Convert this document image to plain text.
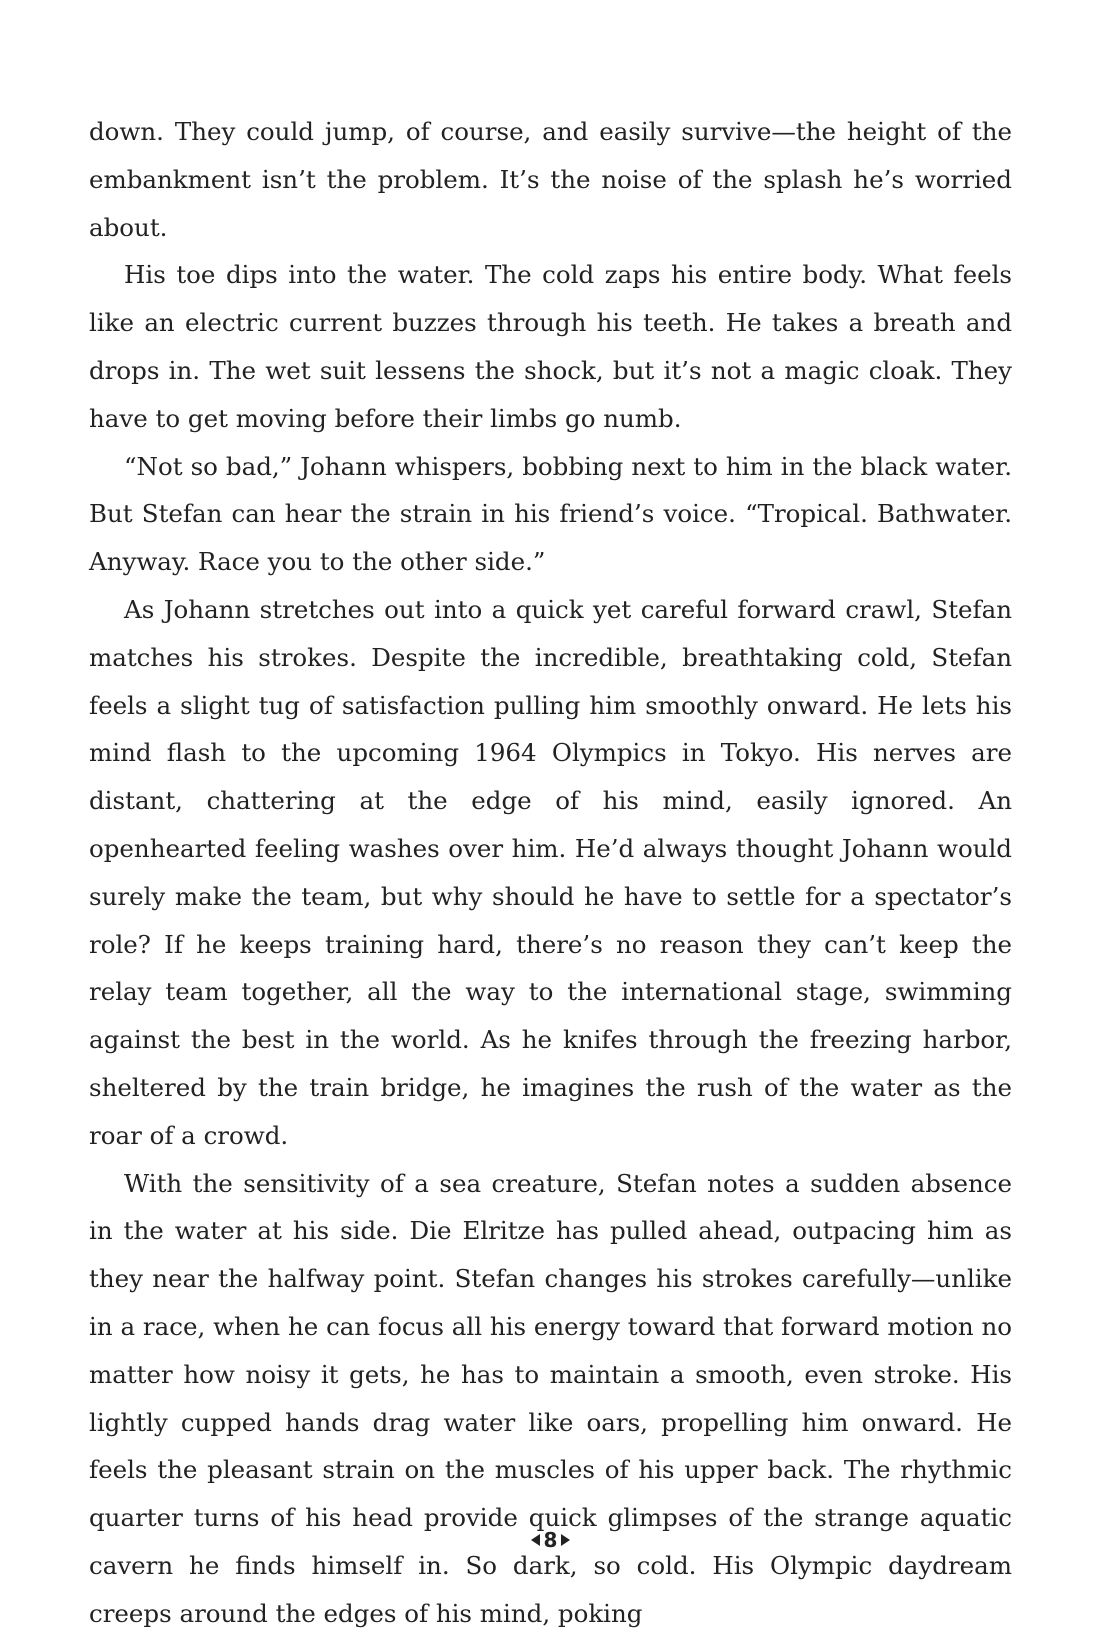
down. They could jump, of course, and easily survive—the height of the embankment isn’t the problem. It’s the noise of the splash he’s worried about.

His toe dips into the water. The cold zaps his entire body. What feels like an electric current buzzes through his teeth. He takes a breath and drops in. The wet suit lessens the shock, but it’s not a magic cloak. They have to get moving before their limbs go numb.

“Not so bad,” Johann whispers, bobbing next to him in the black water. But Stefan can hear the strain in his friend’s voice. “Tropical. Bathwater. Anyway. Race you to the other side.”

As Johann stretches out into a quick yet careful forward crawl, Stefan matches his strokes. Despite the incredible, breathtaking cold, Stefan feels a slight tug of satisfaction pulling him smoothly onward. He lets his mind flash to the upcoming 1964 Olympics in Tokyo. His nerves are distant, chattering at the edge of his mind, easily ignored. An openhearted feeling washes over him. He’d always thought Johann would surely make the team, but why should he have to settle for a spectator’s role? If he keeps training hard, there’s no reason they can’t keep the relay team together, all the way to the international stage, swimming against the best in the world. As he knifes through the freezing harbor, sheltered by the train bridge, he imagines the rush of the water as the roar of a crowd.

With the sensitivity of a sea creature, Stefan notes a sudden absence in the water at his side. Die Elritze has pulled ahead, outpacing him as they near the halfway point. Stefan changes his strokes carefully—unlike in a race, when he can focus all his energy toward that forward motion no matter how noisy it gets, he has to maintain a smooth, even stroke. His lightly cupped hands drag water like oars, propelling him onward. He feels the pleasant strain on the muscles of his upper back. The rhythmic quarter turns of his head provide quick glimpses of the strange aquatic cavern he finds himself in. So dark, so cold. His Olympic daydream creeps around the edges of his mind, poking

8
